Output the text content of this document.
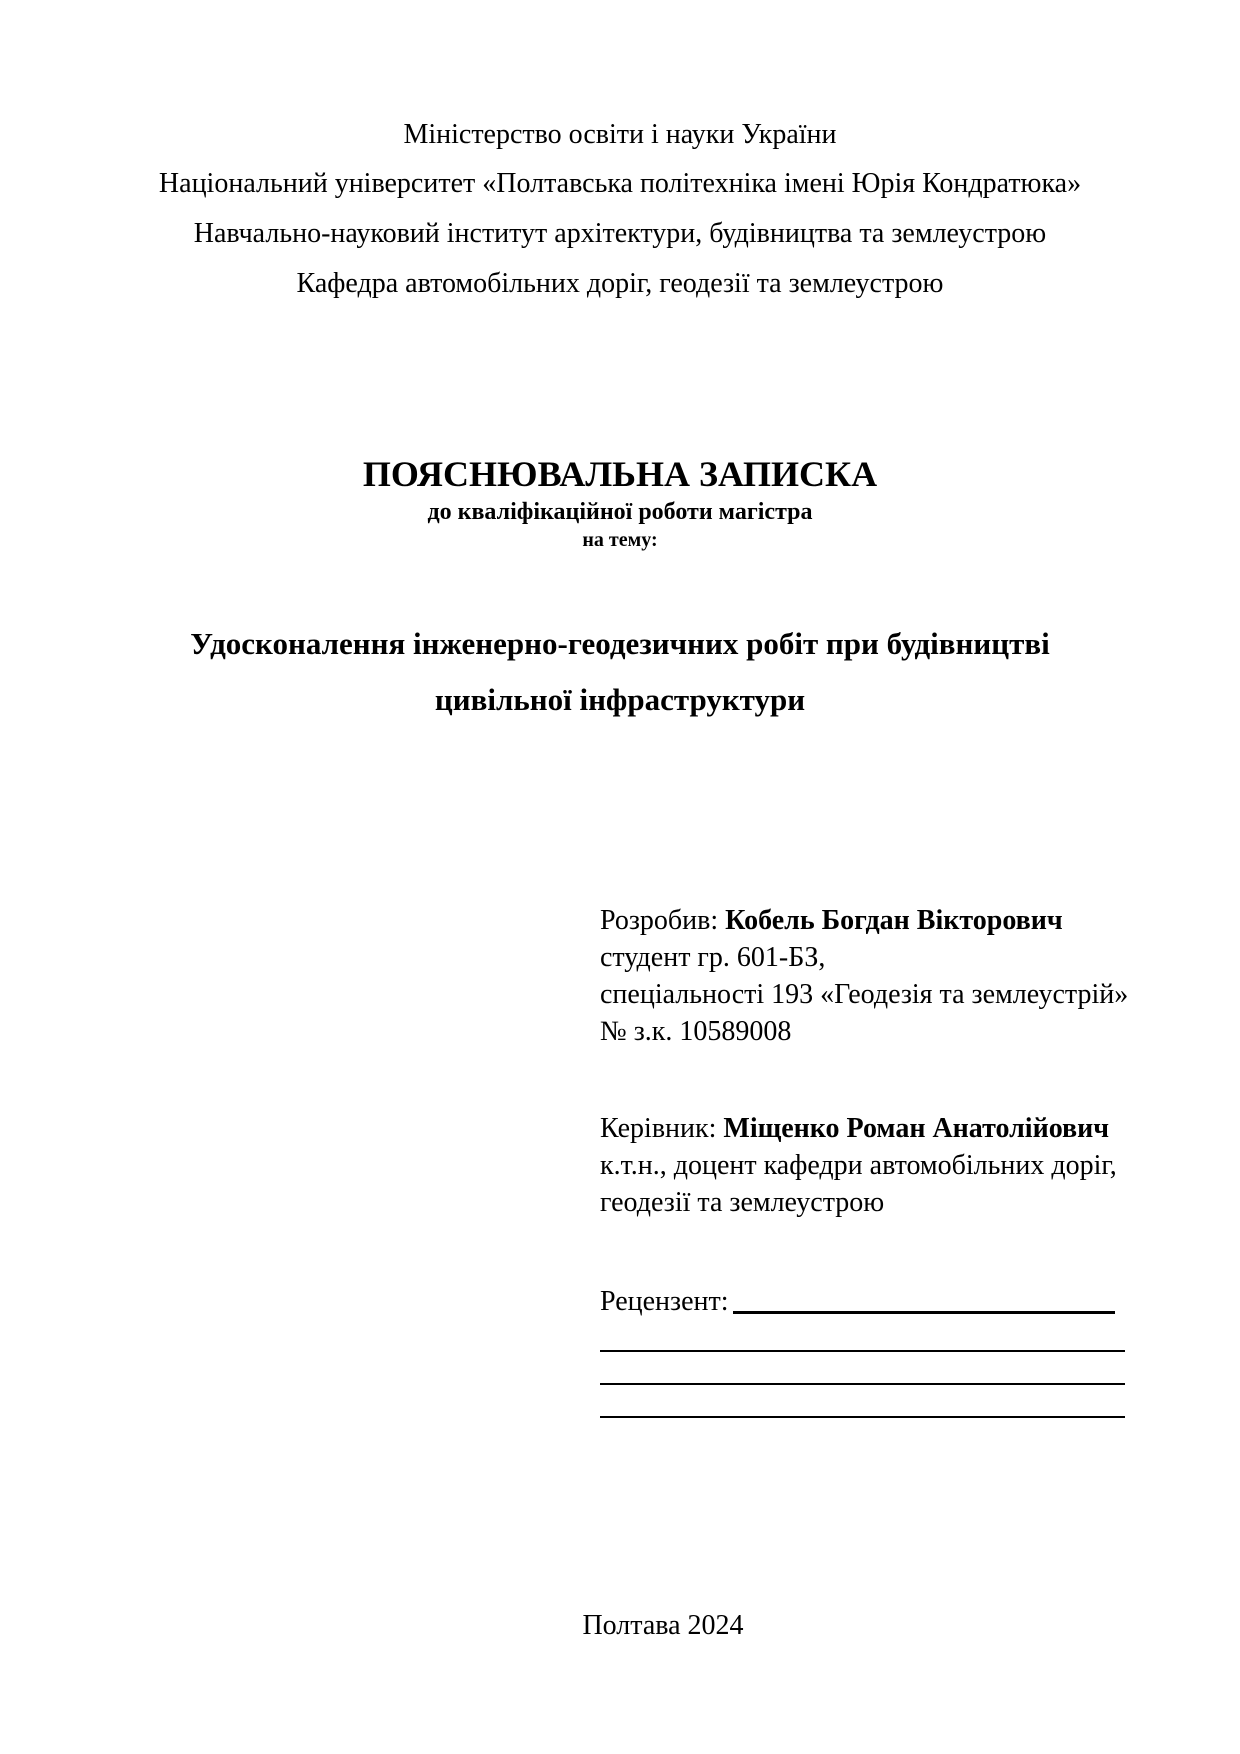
Міністерство освіти і науки України
Національний університет «Полтавська політехніка імені Юрія Кондратюка»
Навчально-науковий інститут архітектури, будівництва та землеустрою
Кафедра автомобільних доріг, геодезії та землеустрою
ПОЯСНЮВАЛЬНА ЗАПИСКА
до кваліфікаційної роботи магістра
на тему:
Удосконалення інженерно-геодезичних робіт при будівництві
цивільної інфраструктури
Розробив: Кобель Богдан Вікторович
студент гр. 601-БЗ,
спеціальності 193 «Геодезія та землеустрій»
№ з.к. 10589008
Керівник: Міщенко Роман Анатолійович
к.т.н., доцент кафедри автомобільних доріг,
геодезії та землеустрою
Рецензент:
Полтава 2024
